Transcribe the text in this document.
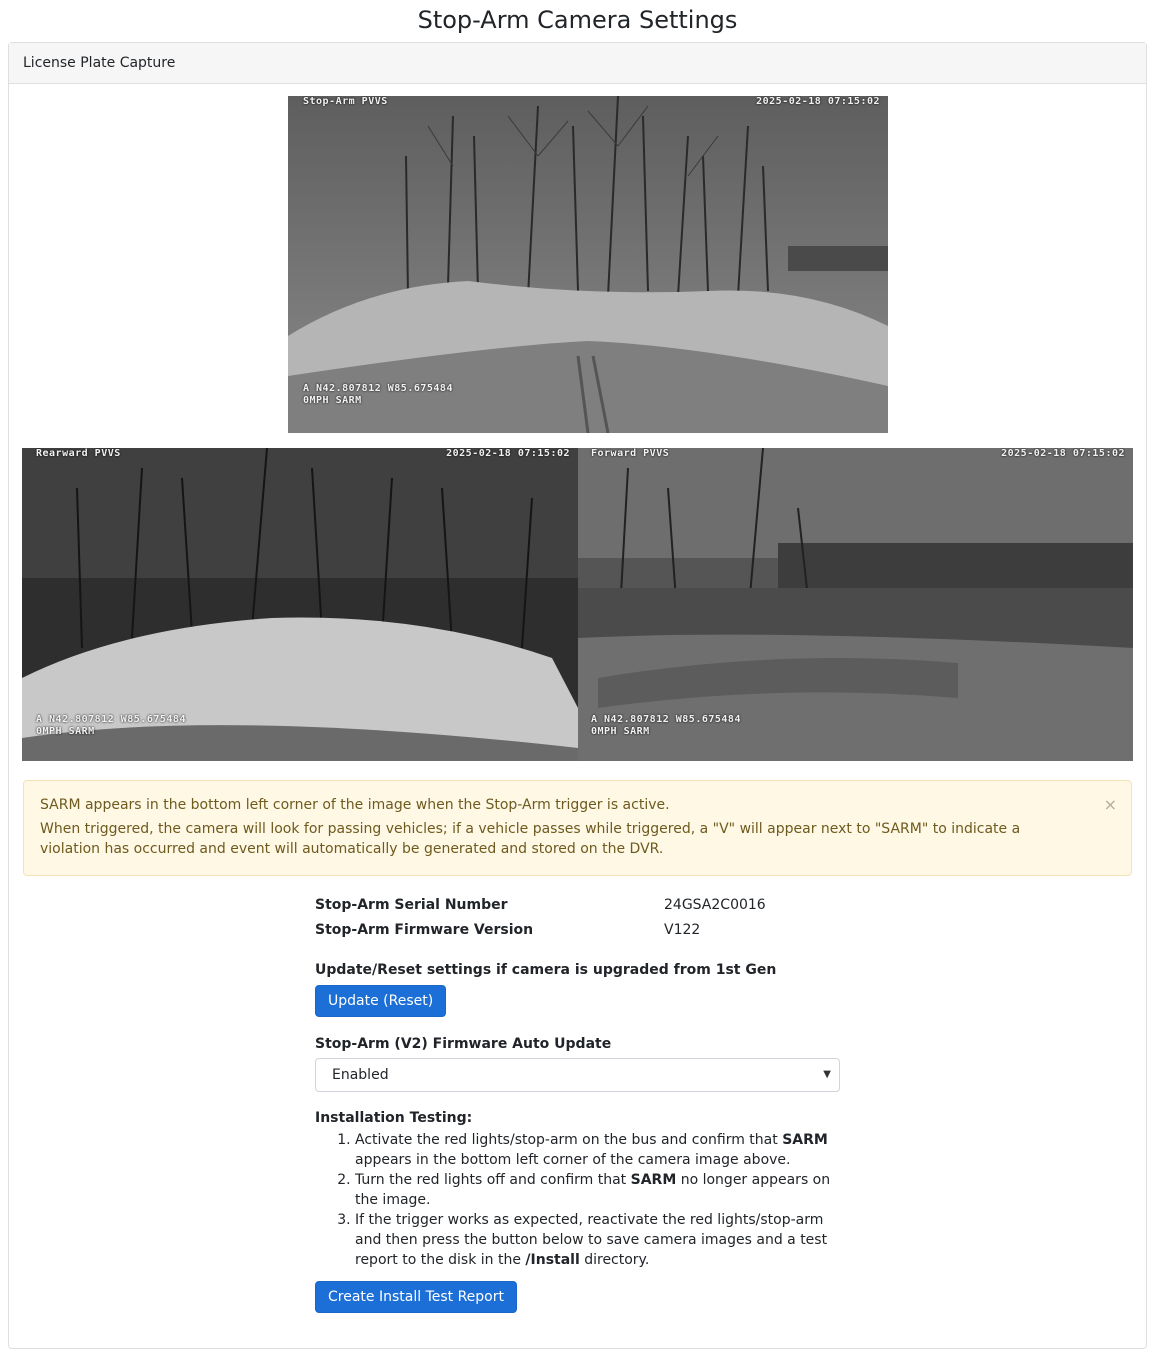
Stop-Arm Camera Settings
License Plate Capture
Stop-Arm PVVS	2025-02-18 07:15:02
A N42.807812 W85.675484
0MPH SARM
Rearward PVVS	2025-02-18 07:15:02
A N42.807812 W85.675484
0MPH SARM
Forward PVVS	2025-02-18 07:15:02
A N42.807812 W85.675484
0MPH SARM
×

SARM appears in the bottom left corner of the image when the Stop-Arm trigger is active.

When triggered, the camera will look for passing vehicles; if a vehicle passes while triggered, a "V" will appear next to "SARM" to indicate a violation has occurred and event will automatically be generated and stored on the DVR.

Stop-Arm Serial Number	24GSA2C0016
Stop-Arm Firmware Version	V122
Update/Reset settings if camera is upgraded from 1st Gen
Update (Reset)
Stop-Arm (V2) Firmware Auto Update
Enabled	▼
Installation Testing:
1. Activate the red lights/stop-arm on the bus and confirm that SARM appears in the bottom left corner of the camera image above.
2. Turn the red lights off and confirm that SARM no longer appears on the image.
3. If the trigger works as expected, reactivate the red lights/stop-arm and then press the button below to save camera images and a test report to the disk in the /Install directory.
Create Install Test Report
